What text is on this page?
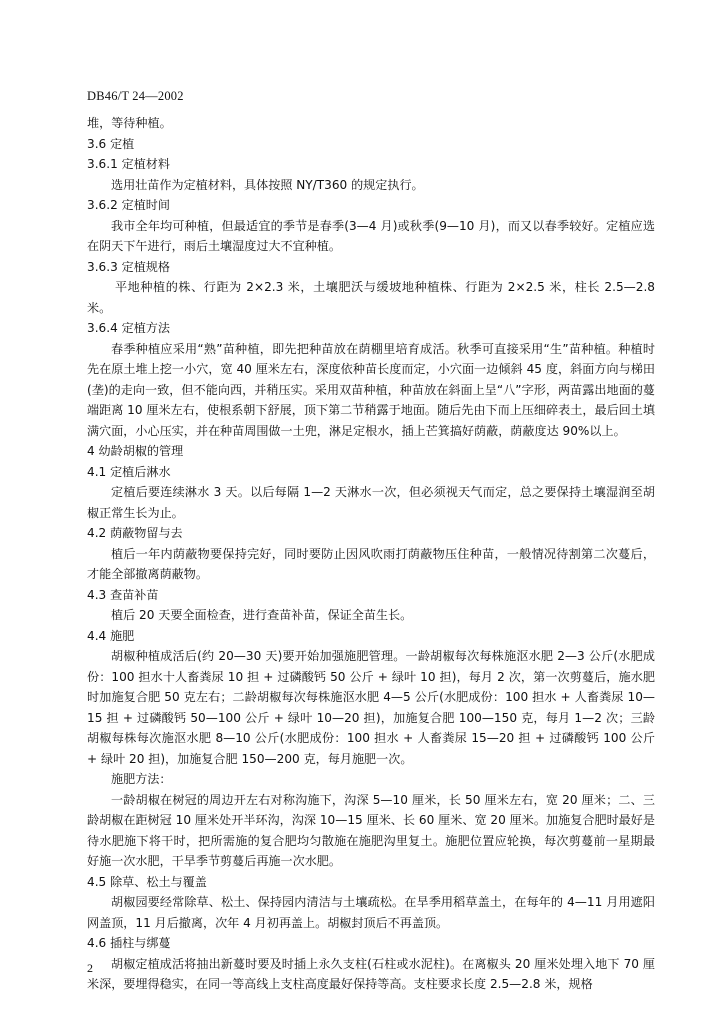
DB46/T 24—2002

堆，等待种植。

3.6 定植
3.6.1 定植材料

选用壮苗作为定植材料，具体按照 NY/T360 的规定执行。

3.6.2 定植时间

我市全年均可种植，但最适宜的季节是春季(3—4 月)或秋季(9—10 月)，而又以春季较好。定植应选在阴天下午进行，雨后土壤湿度过大不宜种植。

3.6.3 定植规格

平地种植的株、行距为 2×2.3 米，土壤肥沃与缓坡地种植株、行距为 2×2.5 米，柱长 2.5—2.8 米。

3.6.4 定植方法

春季种植应采用“熟”苗种植，即先把种苗放在荫棚里培育成活。秋季可直接采用“生”苗种植。种植时先在原土堆上挖一小穴，宽 40 厘米左右，深度依种苗长度而定，小穴面一边倾斜 45 度，斜面方向与梯田(垄)的走向一致，但不能向西，并稍压实。采用双苗种植，种苗放在斜面上呈“八”字形，两苗露出地面的蔓端距离 10 厘米左右，使根系朝下舒展，顶下第二节稍露于地面。随后先由下而上压细碎表土，最后回土填满穴面，小心压实，并在种苗周围做一土兜，淋足定根水，插上芒箕搞好荫蔽，荫蔽度达 90%以上。

4 幼龄胡椒的管理
4.1 定植后淋水

定植后要连续淋水 3 天。以后每隔 1—2 天淋水一次，但必须视天气而定，总之要保持土壤湿润至胡椒正常生长为止。

4.2 荫蔽物留与去

植后一年内荫蔽物要保持完好，同时要防止因风吹雨打荫蔽物压住种苗，一般情况待割第二次蔓后，才能全部撤离荫蔽物。

4.3 查苗补苗

植后 20 天要全面检查，进行查苗补苗，保证全苗生长。

4.4 施肥

胡椒种植成活后(约 20—30 天)要开始加强施肥管理。一龄胡椒每次每株施沤水肥 2—3 公斤(水肥成份：100 担水十人畜粪尿 10 担 + 过磷酸钙 50 公斤 + 绿叶 10 担)，每月 2 次，第一次剪蔓后，施水肥时加施复合肥 50 克左右；二龄胡椒每次每株施沤水肥 4—5 公斤(水肥成份：100 担水 + 人畜粪尿 10—15 担 + 过磷酸钙 50—100 公斤 + 绿叶 10—20 担)，加施复合肥 100—150 克，每月 1—2 次；三龄胡椒每株每次施沤水肥 8—10 公斤(水肥成份：100 担水 + 人畜粪尿 15—20 担 + 过磷酸钙 100 公斤 + 绿叶 20 担)，加施复合肥 150—200 克，每月施肥一次。

施肥方法：

一龄胡椒在树冠的周边开左右对称沟施下，沟深 5—10 厘米，长 50 厘米左右，宽 20 厘米；二、三龄胡椒在距树冠 10 厘米处开半环沟，沟深 10—15 厘米、长 60 厘米、宽 20 厘米。加施复合肥时最好是待水肥施下将干时，把所需施的复合肥均匀散施在施肥沟里复土。施肥位置应轮换，每次剪蔓前一星期最好施一次水肥，干旱季节剪蔓后再施一次水肥。

4.5 除草、松土与覆盖

胡椒园要经常除草、松土、保持园内清洁与土壤疏松。在旱季用稻草盖土，在每年的 4—11 月用遮阳网盖顶，11 月后撤离，次年 4 月初再盖上。胡椒封顶后不再盖顶。

4.6 插柱与绑蔓

胡椒定植成活将抽出新蔓时要及时插上永久支柱(石柱或水泥柱)。在离椒头 20 厘米处埋入地下 70 厘米深，要埋得稳实，在同一等高线上支柱高度最好保持等高。支柱要求长度 2.5—2.8 米，规格

2
